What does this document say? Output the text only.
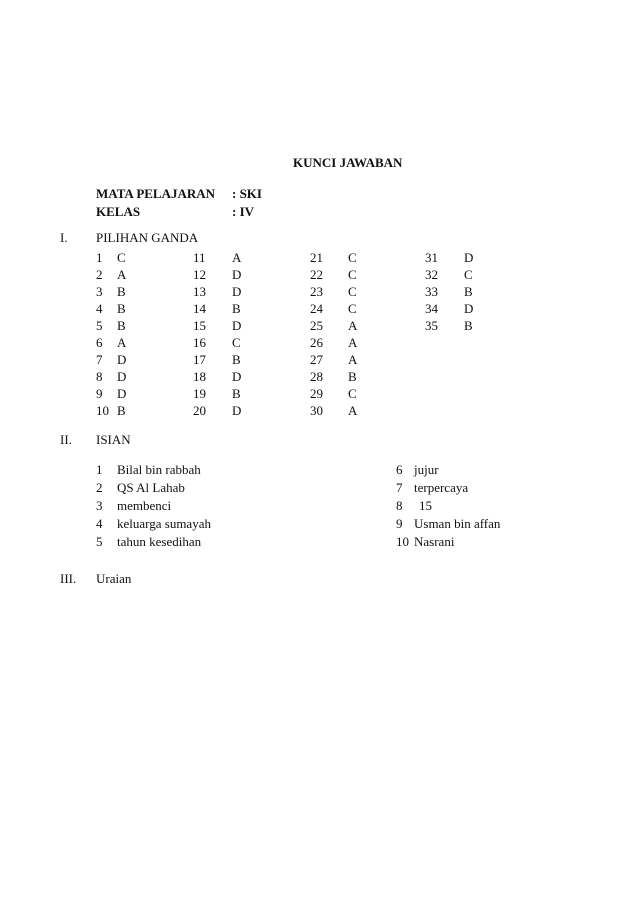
KUNCI JAWABAN
MATA PELAJARAN : SKI
KELAS	: IV
I. PILIHAN GANDA
1 C	11 A	21 C	31 D
2 A	12 D	22 C	32 C
3 B	13 D	23 C	33 B
4 B	14 B	24 C	34 D
5 B	15 D	25 A	35 B
6 A	16 C	26 A
7 D	17 B	27 A
8 D	18 D	28 B
9 D	19 B	29 C
10 B	20 D	30 A
II. ISIAN
1 Bilal bin rabbah	6 jujur
2 QS Al Lahab	7 terpercaya
3 membenci	8 15
4 keluarga sumayah	9 Usman bin affan
5 tahun kesedihan	10 Nasrani
III. Uraian
